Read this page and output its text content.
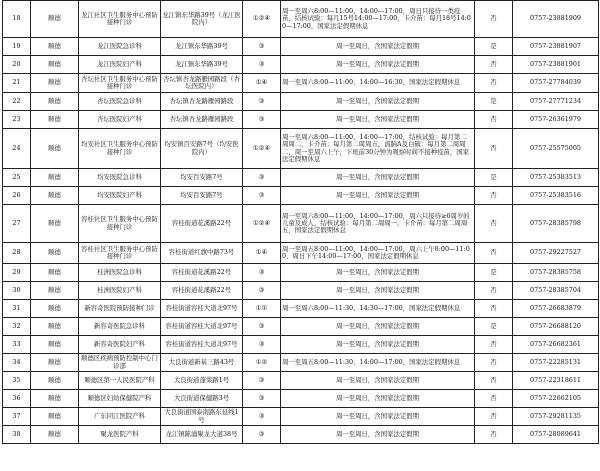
18	顺德	龙江社区卫生服务中心预防接种门诊	龙江镇东华路39号（龙江医院内）	①②④	周一至周六8:00—11:00、14:00—17:00，周日只接待一类疫苗，结核试验：每月15号14:00—17:00，卡介苗：每月18号14:00—17:00，国家法定假期休息	否	0757-23881909
19	顺德	龙江医院急诊科	龙江镇东华路39号	③	周一至周日，含国家法定假期	是	0757-23881907
20	顺德	龙江医院妇产科	龙江镇东华路39号	③	周一至周日，含国家法定假期	否	0757-23881901
21	顺德	杏坛社区卫生服务中心预防接种门诊	杏坛镇杏龙路雁园路段（杏坛医院内）	①④	周一至周六8:00—11:00、14:00—16:30，国家法定假期休息	否	0757-27784039
22	顺德	杏坛医院急诊科	杏坛镇杏龙路雁园路段	③	周一至周日，含国家法定假期	是	0757-27771234
23	顺德	杏坛医院妇产科	杏坛镇杏龙路雁园路段	③	周一至周日，含国家法定假期	否	0757-26361979
24	顺德	均安社区卫生服务中心预防接种门诊	均安镇百安路7号（均安医院内）	①②④	周一至周六8:00—11:00、14:00—17:00，结核试验：每月第二周周二，卡介苗：每月第二周周五，流脑A及白破：每月第二周周二，周一至周六上午，下班前30分钟为观察时间不接种疫苗，国家法定假期休息	否	0757-25575005
25	顺德	均安医院急诊科	均安百安路7号	③	周一至周日，含国家法定假期	是	0757-25383513
26	顺德	均安医院妇产科	均安百安路7号	③	周一至周日，含国家法定假期	否	0757-25383516
27	顺德	容桂社区卫生服务中心预防接种门诊	容桂街道花溪路22号	①②④	周一至周六8:00—11:00、14:00—17:00，周六只接待≥6周岁的儿童及成人，结核试验：每月第二周周一，卡介苗：每月第二周周五，国家法定假期休息	否	0757-28385798
28	顺德	容桂社区卫生服务中心预防接种门诊	容桂街道红旗中路73号	①④	周一至周五8:00—11:00、14:00—17:00，周六上午8:00—11:00，周日下午14:00—17:00，国家法定假期休息	否	0757-29227527
29	顺德	桂洲医院急诊科	容桂街道花溪路22号	③	周一至周日，含国家法定假期	是	0757-28385758
30	顺德	桂洲医院妇产科	容桂街道花溪路22号	③	周一至周日，含国家法定假期	否	0757-28385704
31	顺德	新容奇医院预防接种门诊	容桂街道容桂大道北97号	①①	周一至周六8:00—11:30、14:30—17:00，国家法定假期休息	否	0757-26683879
32	顺德	新容奇医院急诊科	容桂街道容桂大道北97号	③	周一至周日，含国家法定假期	是	0757-26688120
33	顺德	新容奇医院妇产科	容桂街道容桂大道北97号	③	周一至周日，含国家法定假期	否	0757-26682361
34	顺德	顺德区疾病预防控制中心门诊部	大良街道新基三路43号	①②	周一至周五8:00—11:30、14:00—17:00，国家法定假期休息	否	0757-22285131
35	顺德	顺德区第一人民医院产科	大良街道蓬莱路1号	③	周一至周日，含国家法定假期	否	0757-22318611
36	顺德	顺德区妇幼保健院产科	大良街道保健路3号	③	周一至周日，含国家法定假期	否	0757-22662105
37	顺德	广东同江医院产科	大良街道国泰南路东延线1号	③	周一至周日，含国家法定假期	否	0757-29281135
38	顺德	聚龙医院产科	龙江镇陈涌聚龙大道38号	③	周一至周日，含国家法定假期	否	0757-28089641
